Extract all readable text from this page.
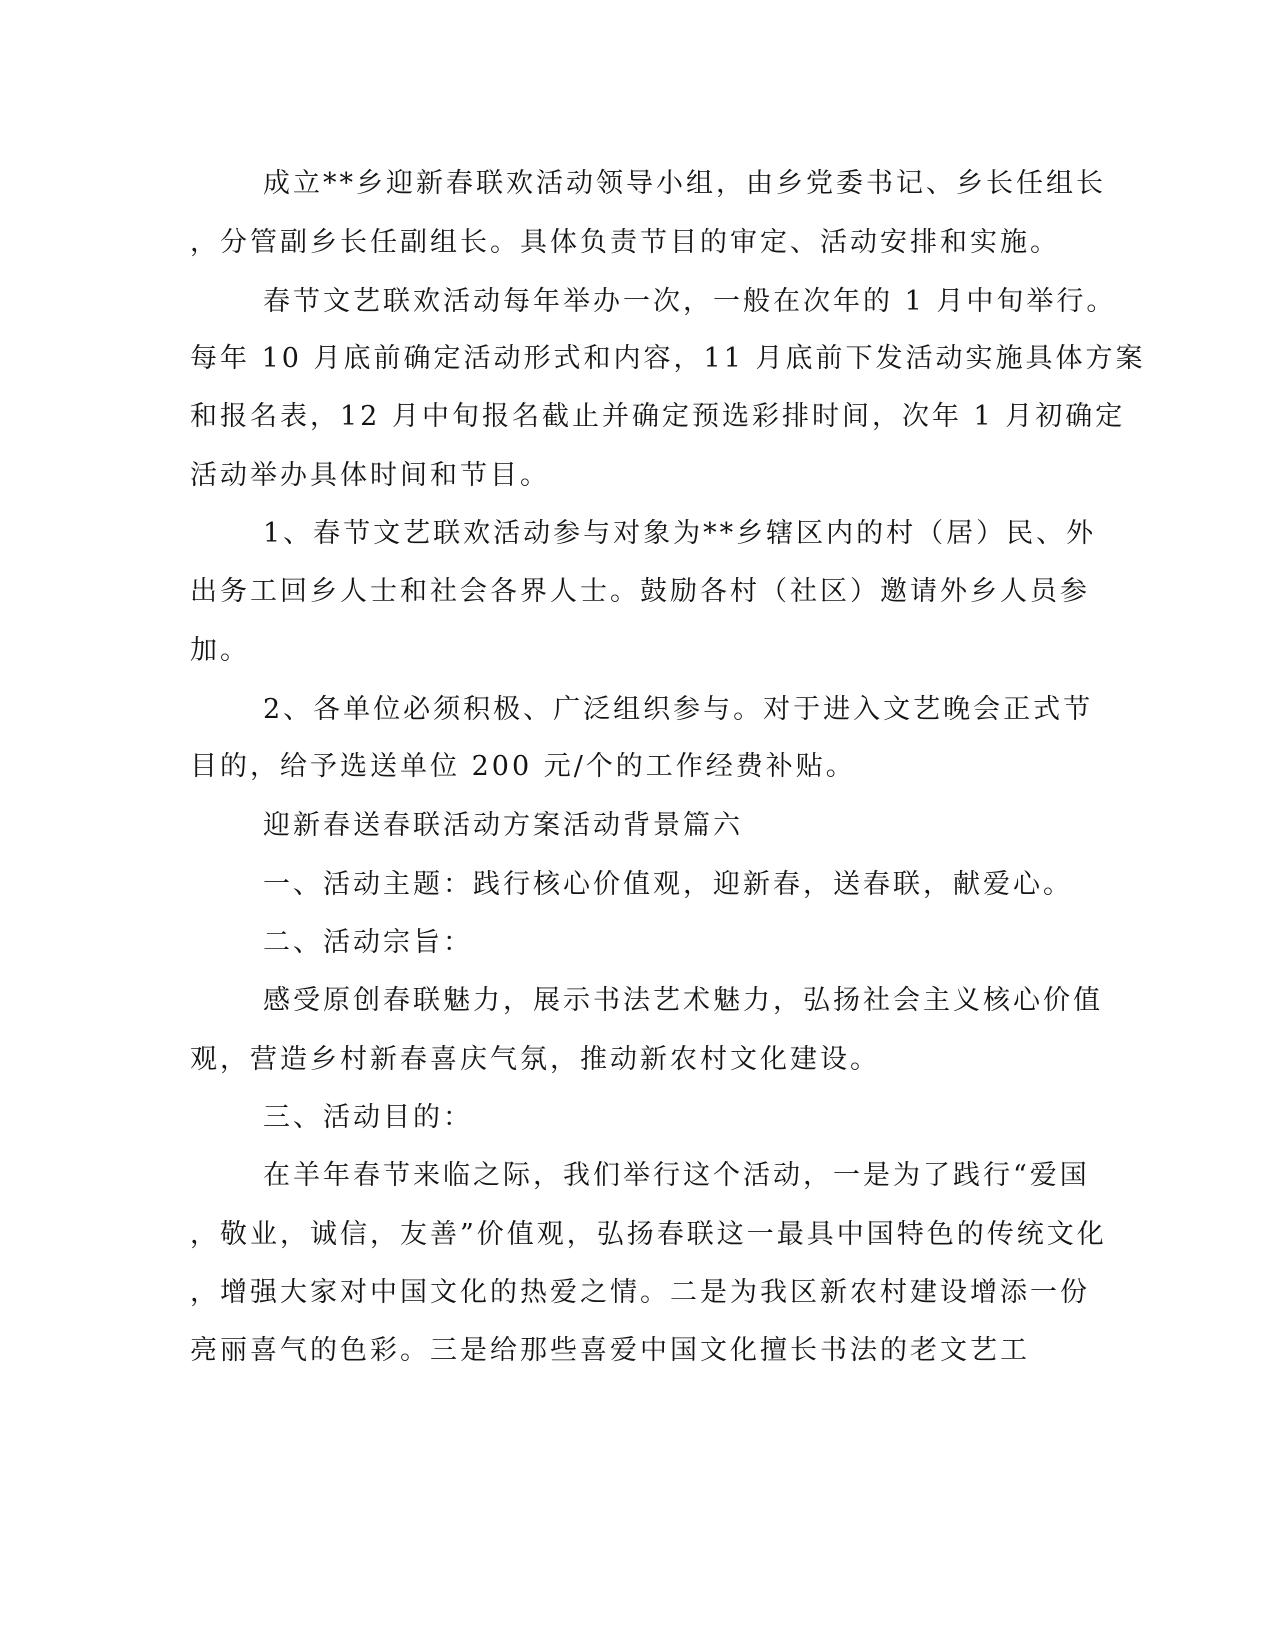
成立**乡迎新春联欢活动领导小组，由乡党委书记、乡长任组长
，分管副乡长任副组长。具体负责节目的审定、活动安排和实施。
春节文艺联欢活动每年举办一次，一般在次年的 1 月中旬举行。
每年 10 月底前确定活动形式和内容，11 月底前下发活动实施具体方案
和报名表，12 月中旬报名截止并确定预选彩排时间，次年 1 月初确定
活动举办具体时间和节目。
1、春节文艺联欢活动参与对象为**乡辖区内的村（居）民、外
出务工回乡人士和社会各界人士。鼓励各村（社区）邀请外乡人员参
加。
2、各单位必须积极、广泛组织参与。对于进入文艺晚会正式节
目的，给予选送单位 200 元/个的工作经费补贴。
迎新春送春联活动方案活动背景篇六
一、活动主题：践行核心价值观，迎新春，送春联，献爱心。
二、活动宗旨：
感受原创春联魅力，展示书法艺术魅力，弘扬社会主义核心价值
观，营造乡村新春喜庆气氛，推动新农村文化建设。
三、活动目的：
在羊年春节来临之际，我们举行这个活动，一是为了践行“爱国
，敬业，诚信，友善”价值观，弘扬春联这一最具中国特色的传统文化
，增强大家对中国文化的热爱之情。二是为我区新农村建设增添一份
亮丽喜气的色彩。三是给那些喜爱中国文化擅长书法的老文艺工
